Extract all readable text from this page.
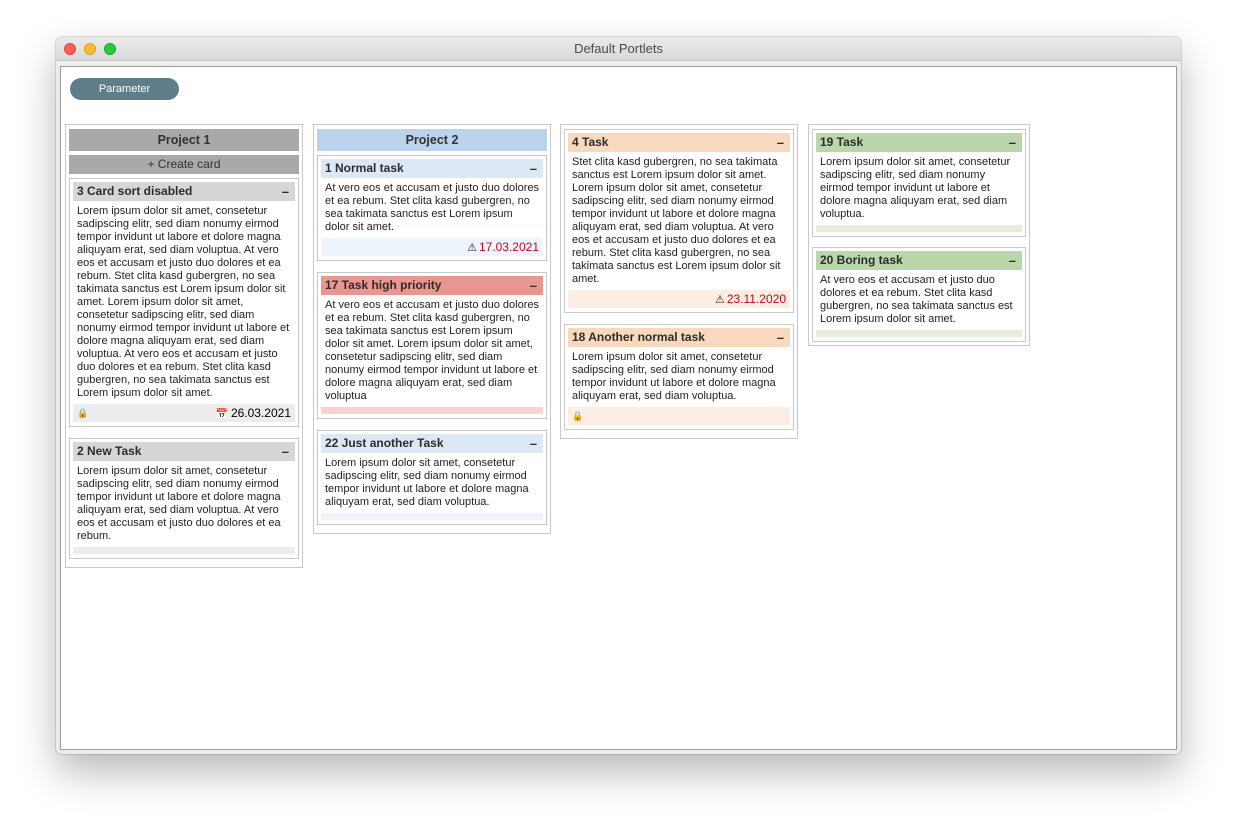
Default Portlets
Parameter
Project 1
+ Create card
3 Card sort disabled	–
Lorem ipsum dolor sit amet, consetetur sadipscing elitr, sed diam nonumy eirmod tempor invidunt ut labore et dolore magna aliquyam erat, sed diam voluptua. At vero eos et accusam et justo duo dolores et ea rebum. Stet clita kasd gubergren, no sea takimata sanctus est Lorem ipsum dolor sit amet. Lorem ipsum dolor sit amet, consetetur sadipscing elitr, sed diam nonumy eirmod tempor invidunt ut labore et dolore magna aliquyam erat, sed diam voluptua. At vero eos et accusam et justo duo dolores et ea rebum. Stet clita kasd gubergren, no sea takimata sanctus est Lorem ipsum dolor sit amet.
🔒	📅 26.03.2021
2 New Task	–
Lorem ipsum dolor sit amet, consetetur sadipscing elitr, sed diam nonumy eirmod tempor invidunt ut labore et dolore magna aliquyam erat, sed diam voluptua. At vero eos et accusam et justo duo dolores et ea rebum.
Project 2
1 Normal task	–
At vero eos et accusam et justo duo dolores et ea rebum. Stet clita kasd gubergren, no sea takimata sanctus est Lorem ipsum dolor sit amet.
⚠ 17.03.2021
17 Task high priority	–
At vero eos et accusam et justo duo dolores et ea rebum. Stet clita kasd gubergren, no sea takimata sanctus est Lorem ipsum dolor sit amet. Lorem ipsum dolor sit amet, consetetur sadipscing elitr, sed diam nonumy eirmod tempor invidunt ut labore et dolore magna aliquyam erat, sed diam voluptua
22 Just another Task	–
Lorem ipsum dolor sit amet, consetetur sadipscing elitr, sed diam nonumy eirmod tempor invidunt ut labore et dolore magna aliquyam erat, sed diam voluptua.
4 Task	–
Stet clita kasd gubergren, no sea takimata sanctus est Lorem ipsum dolor sit amet. Lorem ipsum dolor sit amet, consetetur sadipscing elitr, sed diam nonumy eirmod tempor invidunt ut labore et dolore magna aliquyam erat, sed diam voluptua. At vero eos et accusam et justo duo dolores et ea rebum. Stet clita kasd gubergren, no sea takimata sanctus est Lorem ipsum dolor sit amet.
⚠ 23.11.2020
18 Another normal task	–
Lorem ipsum dolor sit amet, consetetur sadipscing elitr, sed diam nonumy eirmod tempor invidunt ut labore et dolore magna aliquyam erat, sed diam voluptua.
🔒
19 Task	–
Lorem ipsum dolor sit amet, consetetur sadipscing elitr, sed diam nonumy eirmod tempor invidunt ut labore et dolore magna aliquyam erat, sed diam voluptua.
20 Boring task	–
At vero eos et accusam et justo duo dolores et ea rebum. Stet clita kasd gubergren, no sea takimata sanctus est Lorem ipsum dolor sit amet.
